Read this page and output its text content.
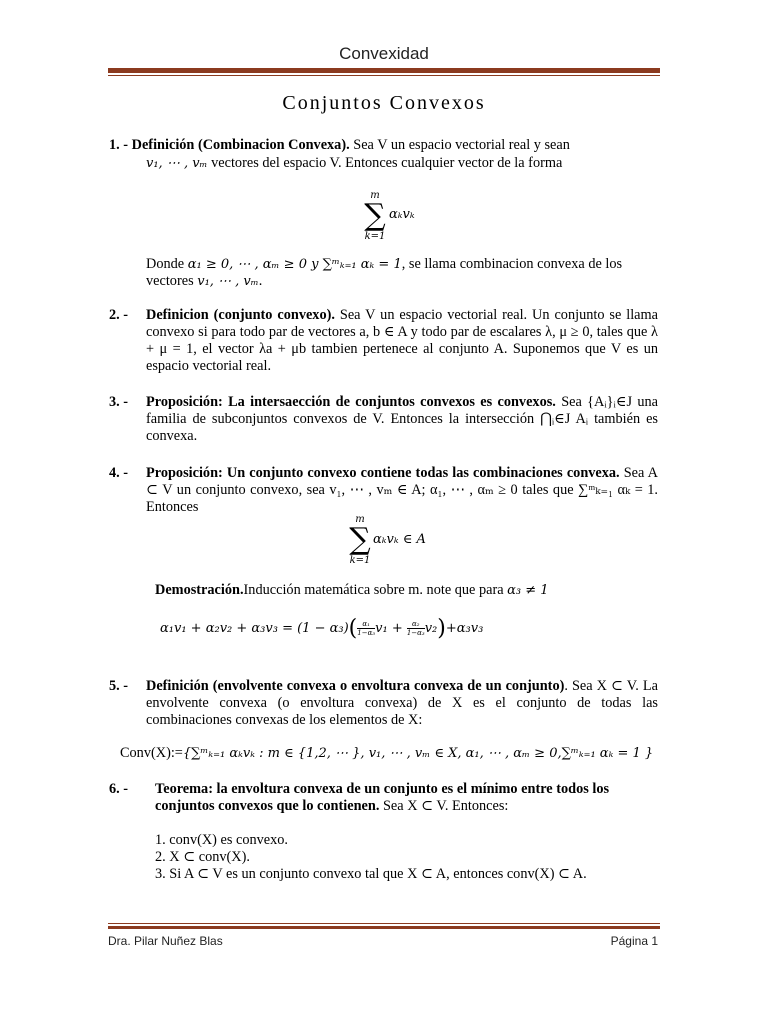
Convexidad
Conjuntos Convexos
1. - Definición (Combinacion Convexa). Sea V un espacio vectorial real y sean
v₁, ⋯ , vₘ vectores del espacio V. Entonces cualquier vector de la forma
m
∑
k=1
αₖvₖ
Donde α₁ ≥ 0, ⋯ , αₘ ≥ 0 y ∑ᵐₖ₌₁ αₖ = 1, se llama combinacion convexa de los
vectores v₁, ⋯ , vₘ.
2. - Definicion (conjunto convexo). Sea V un espacio vectorial real. Un conjunto se llama convexo si para todo par de vectores a, b ∈ A y todo par de escalares λ, μ ≥ 0, tales que λ + μ = 1, el vector λa + μb tambien pertenece al conjunto A. Suponemos que V es un espacio vectorial real.
3. - Proposición: La intersaección de conjuntos convexos es convexos. Sea {Aᵢ}ᵢ∈J una familia de subconjuntos convexos de V. Entonces la intersección ⋂ᵢ∈J Aᵢ también es convexa.
4. - Proposición: Un conjunto convexo contiene todas las combinaciones convexa. Sea A ⊂ V un conjunto convexo, sea v₁, ⋯ , vₘ ∈ A; α₁, ⋯ , αₘ ≥ 0 tales que ∑ᵐₖ₌₁ αₖ = 1. Entonces
m
∑
k=1
αₖvₖ ∈ A
Demostración.Inducción matemática sobre m. note que para α₃ ≠ 1
$\alpha_1v_1 + \alpha_2v_2 + \alpha_3v_3 = (1 - \alpha_3)( \frac{\text{α₁}}{\text{1−α₃}} v_1 + \frac{\text{α₂}}{\text{1−α₃}} v_2)+\alpha_3v_3$
5. - Definición (envolvente convexa o envoltura convexa de un conjunto). Sea X ⊂ V. La envolvente convexa (o envoltura convexa) de X es el conjunto de todas las combinaciones convexas de los elementos de X:
Conv(X):={∑ᵐₖ₌₁ αₖvₖ : m ∈ {1,2, ⋯ }, v₁, ⋯ , vₘ ∈ X, α₁, ⋯ , αₘ ≥ 0,∑ᵐₖ₌₁ αₖ = 1 }
6. - Teorema: la envoltura convexa de un conjunto es el mínimo entre todos los conjuntos convexos que lo contienen. Sea X ⊂ V. Entonces:
1. conv(X) es convexo.
2. X ⊂ conv(X).
3. Si A ⊂ V es un conjunto convexo tal que X ⊂ A, entonces conv(X) ⊂ A.
Dra. Pilar Nuñez Blas	Página 1
